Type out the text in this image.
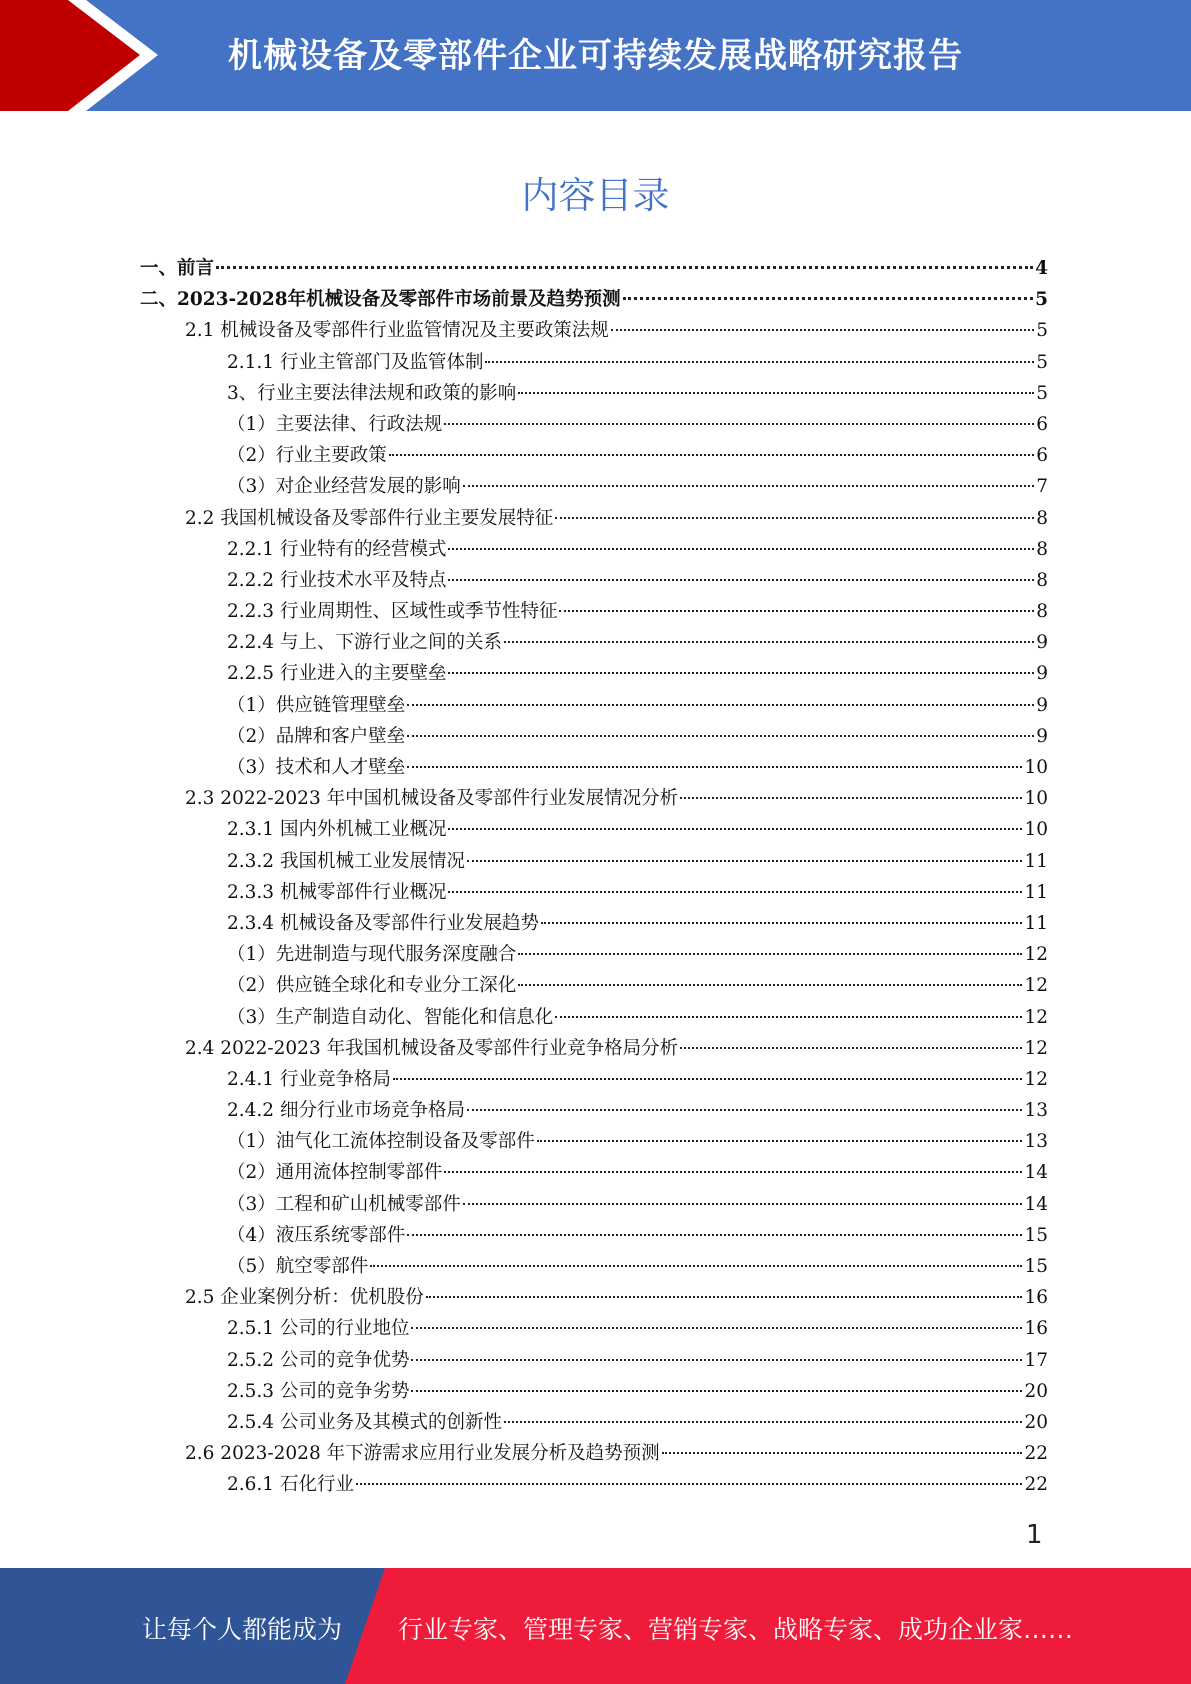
机械设备及零部件企业可持续发展战略研究报告
内容目录
一、前言	4
二、2023-2028年机械设备及零部件市场前景及趋势预测	5
2.1 机械设备及零部件行业监管情况及主要政策法规	5
2.1.1 行业主管部门及监管体制	5
3、行业主要法律法规和政策的影响	5
（1）主要法律、行政法规	6
（2）行业主要政策	6
（3）对企业经营发展的影响	7
2.2 我国机械设备及零部件行业主要发展特征	8
2.2.1 行业特有的经营模式	8
2.2.2 行业技术水平及特点	8
2.2.3 行业周期性、区域性或季节性特征	8
2.2.4 与上、下游行业之间的关系	9
2.2.5 行业进入的主要壁垒	9
（1）供应链管理壁垒	9
（2）品牌和客户壁垒	9
（3）技术和人才壁垒	10
2.3 2022-2023 年中国机械设备及零部件行业发展情况分析	10
2.3.1 国内外机械工业概况	10
2.3.2 我国机械工业发展情况	11
2.3.3 机械零部件行业概况	11
2.3.4 机械设备及零部件行业发展趋势	11
（1）先进制造与现代服务深度融合	12
（2）供应链全球化和专业分工深化	12
（3）生产制造自动化、智能化和信息化	12
2.4 2022-2023 年我国机械设备及零部件行业竞争格局分析	12
2.4.1 行业竞争格局	12
2.4.2 细分行业市场竞争格局	13
（1）油气化工流体控制设备及零部件	13
（2）通用流体控制零部件	14
（3）工程和矿山机械零部件	14
（4）液压系统零部件	15
（5）航空零部件	15
2.5 企业案例分析：优机股份	16
2.5.1 公司的行业地位	16
2.5.2 公司的竞争优势	17
2.5.3 公司的竞争劣势	20
2.5.4 公司业务及其模式的创新性	20
2.6 2023-2028 年下游需求应用行业发展分析及趋势预测	22
2.6.1 石化行业	22
1
让每个人都能成为 行业专家、管理专家、营销专家、战略专家、成功企业家……
